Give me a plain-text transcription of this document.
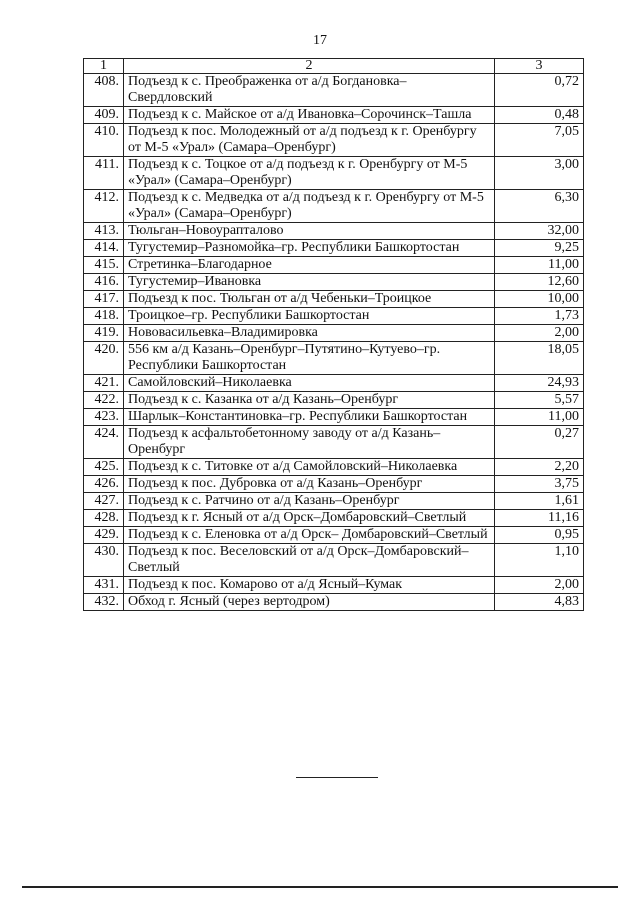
17
1	2	3
408.	Подъезд к с. Преображенка от а/д Богдановка–Свердловский	0,72
409.	Подъезд к с. Майское от а/д Ивановка–Сорочинск–Ташла	0,48
410.	Подъезд к пос. Молодежный от а/д подъезд к г. Оренбургу от М-5 «Урал» (Самара–Оренбург)	7,05
411.	Подъезд к с. Тоцкое от а/д подъезд к г. Оренбургу от М-5 «Урал» (Самара–Оренбург)	3,00
412.	Подъезд к с. Медведка от а/д подъезд к г. Оренбургу от М-5 «Урал» (Самара–Оренбург)	6,30
413.	Тюльган–Новоурапталово	32,00
414.	Тугустемир–Разномойка–гр. Республики Башкортостан	9,25
415.	Стретинка–Благодарное	11,00
416.	Тугустемир–Ивановка	12,60
417.	Подъезд к пос. Тюльган от а/д Чебеньки–Троицкое	10,00
418.	Троицкое–гр. Республики Башкортостан	1,73
419.	Нововасильевка–Владимировка	2,00
420.	556 км а/д Казань–Оренбург–Путятино–Кутуево–гр. Республики Башкортостан	18,05
421.	Самойловский–Николаевка	24,93
422.	Подъезд к с. Казанка от а/д Казань–Оренбург	5,57
423.	Шарлык–Константиновка–гр. Республики Башкортостан	11,00
424.	Подъезд к асфальтобетонному заводу от а/д Казань–Оренбург	0,27
425.	Подъезд к с. Титовке от а/д Самойловский–Николаевка	2,20
426.	Подъезд к пос. Дубровка от а/д Казань–Оренбург	3,75
427.	Подъезд к с. Ратчино от а/д Казань–Оренбург	1,61
428.	Подъезд к г. Ясный от а/д Орск–Домбаровский–Светлый	11,16
429.	Подъезд к с. Еленовка от а/д Орск– Домбаровский–Светлый	0,95
430.	Подъезд к пос. Веселовский от а/д Орск–Домбаровский–Светлый	1,10
431.	Подъезд к пос. Комарово от а/д Ясный–Кумак	2,00
432.	Обход г. Ясный (через вертодром)	4,83
